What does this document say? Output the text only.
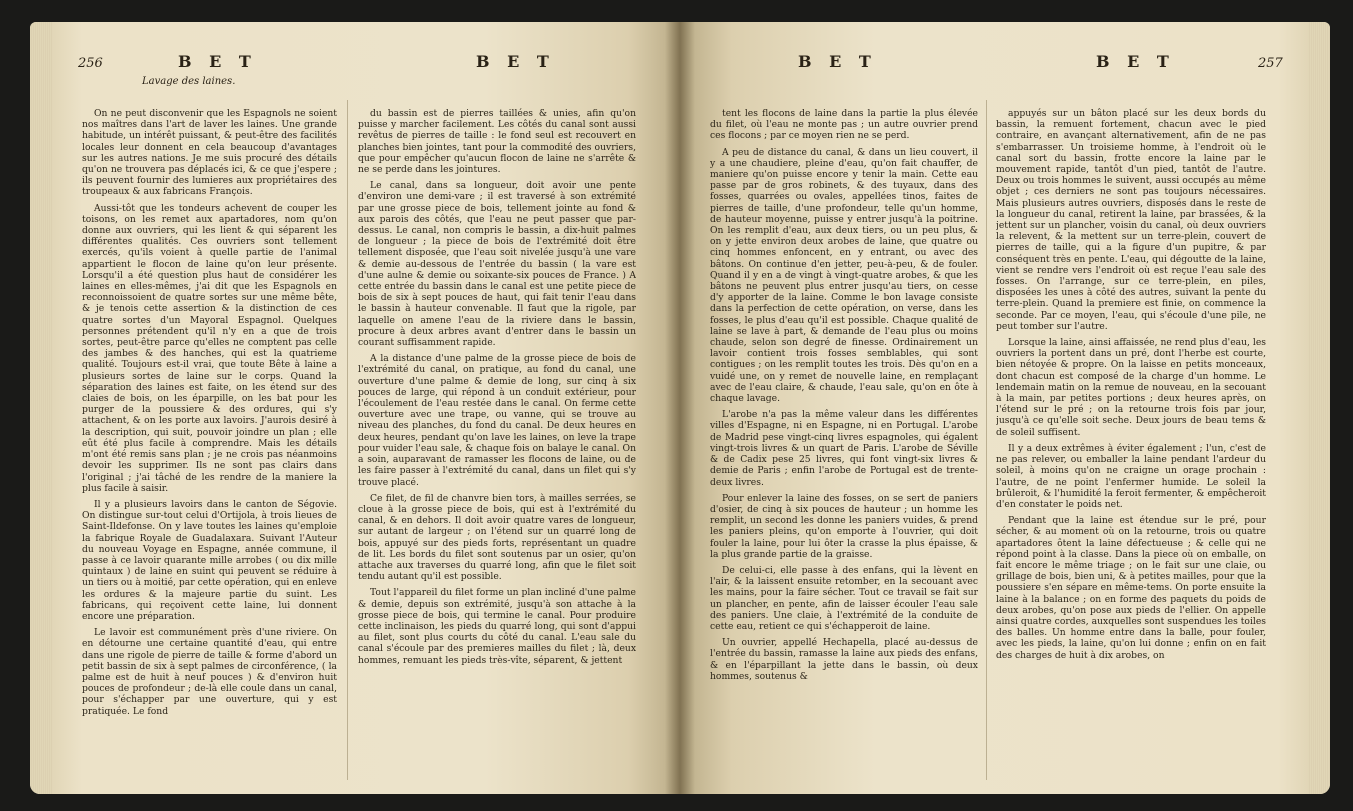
256	B E T	B E T
Lavage des laines.

On ne peut disconvenir que les Espagnols ne soient nos maîtres dans l'art de laver les laines. Une grande habitude, un intérêt puissant, & peut-être des facilités locales leur donnent en cela beaucoup d'avantages sur les autres nations. Je me suis procuré des détails qu'on ne trouvera pas déplacés ici, & ce que j'espere ; ils peuvent fournir des lumieres aux propriétaires des troupeaux & aux fabricans François.

Aussi-tôt que les tondeurs achevent de couper les toisons, on les remet aux apartadores, nom qu'on donne aux ouvriers, qui les lient & qui séparent les différentes qualités. Ces ouvriers sont tellement exercés, qu'ils voient à quelle partie de l'animal appartient le flocon de laine qu'on leur présente. Lorsqu'il a été question plus haut de considérer les laines en elles-mêmes, j'ai dit que les Espagnols en reconnoissoient de quatre sortes sur une même bête, & je tenois cette assertion & la distinction de ces quatre sortes d'un Mayoral Espagnol. Quelques personnes prétendent qu'il n'y en a que de trois sortes, peut-être parce qu'elles ne comptent pas celle des jambes & des hanches, qui est la quatrieme qualité. Toujours est-il vrai, que toute Bête à laine a plusieurs sortes de laine sur le corps. Quand la séparation des laines est faite, on les étend sur des claies de bois, on les éparpille, on les bat pour les purger de la poussiere & des ordures, qui s'y attachent, & on les porte aux lavoirs. J'aurois desiré à la description, qui suit, pouvoir joindre un plan ; elle eût été plus facile à comprendre. Mais les détails m'ont été remis sans plan ; je ne crois pas néanmoins devoir les supprimer. Ils ne sont pas clairs dans l'original ; j'ai tâché de les rendre de la maniere la plus facile à saisir.

Il y a plusieurs lavoirs dans le canton de Ségovie. On distingue sur-tout celui d'Ortijola, à trois lieues de Saint-Ildefonse. On y lave toutes les laines qu'emploie la fabrique Royale de Guadalaxara. Suivant l'Auteur du nouveau Voyage en Espagne, année commune, il passe à ce lavoir quarante mille arrobes ( ou dix mille quintaux ) de laine en suint qui peuvent se réduire à un tiers ou à moitié, par cette opération, qui en enleve les ordures & la majeure partie du suint. Les fabricans, qui reçoivent cette laine, lui donnent encore une préparation.

Le lavoir est communément près d'une riviere. On en détourne une certaine quantité d'eau, qui entre dans une rigole de pierre de taille & forme d'abord un petit bassin de six à sept palmes de circonférence, ( la palme est de huit à neuf pouces ) & d'environ huit pouces de profondeur ; de-là elle coule dans un canal, pour s'échapper par une ouverture, qui y est pratiquée. Le fond

du bassin est de pierres taillées & unies, afin qu'on puisse y marcher facilement. Les côtés du canal sont aussi revêtus de pierres de taille : le fond seul est recouvert en planches bien jointes, tant pour la commodité des ouvriers, que pour empêcher qu'aucun flocon de laine ne s'arrête & ne se perde dans les jointures.

Le canal, dans sa longueur, doit avoir une pente d'environ une demi-vare ; il est traversé à son extrémité par une grosse piece de bois, tellement jointe au fond & aux parois des côtés, que l'eau ne peut passer que par-dessus. Le canal, non compris le bassin, a dix-huit palmes de longueur ; la piece de bois de l'extrémité doit être tellement disposée, que l'eau soit nivelée jusqu'à une vare & demie au-dessous de l'entrée du bassin ( la vare est d'une aulne & demie ou soixante-six pouces de France. ) A cette entrée du bassin dans le canal est une petite piece de bois de six à sept pouces de haut, qui fait tenir l'eau dans le bassin à hauteur convenable. Il faut que la rigole, par laquelle on amene l'eau de la riviere dans le bassin, procure à deux arbres avant d'entrer dans le bassin un courant suffisamment rapide.

A la distance d'une palme de la grosse piece de bois de l'extrémité du canal, on pratique, au fond du canal, une ouverture d'une palme & demie de long, sur cinq à six pouces de large, qui répond à un conduit extérieur, pour l'écoulement de l'eau restée dans le canal. On ferme cette ouverture avec une trape, ou vanne, qui se trouve au niveau des planches, du fond du canal. De deux heures en deux heures, pendant qu'on lave les laines, on leve la trape pour vuider l'eau sale, & chaque fois on balaye le canal. On a soin, auparavant de ramasser les flocons de laine, ou de les faire passer à l'extrémité du canal, dans un filet qui s'y trouve placé.

Ce filet, de fil de chanvre bien tors, à mailles serrées, se cloue à la grosse piece de bois, qui est à l'extrémité du canal, & en dehors. Il doit avoir quatre vares de longueur, sur autant de largeur ; on l'étend sur un quarré long de bois, appuyé sur des pieds forts, représentant un quadre de lit. Les bords du filet sont soutenus par un osier, qu'on attache aux traverses du quarré long, afin que le filet soit tendu autant qu'il est possible.

Tout l'appareil du filet forme un plan incliné d'une palme & demie, depuis son extrémité, jusqu'à son attache à la grosse piece de bois, qui termine le canal. Pour produire cette inclinaison, les pieds du quarré long, qui sont d'appui au filet, sont plus courts du côté du canal. L'eau sale du canal s'écoule par des premieres mailles du filet ; là, deux hommes, remuant les pieds très-vîte, séparent, & jettent

B E T	B E T	257

tent les flocons de laine dans la partie la plus élevée du filet, où l'eau ne monte pas ; un autre ouvrier prend ces flocons ; par ce moyen rien ne se perd.

A peu de distance du canal, & dans un lieu couvert, il y a une chaudiere, pleine d'eau, qu'on fait chauffer, de maniere qu'on puisse encore y tenir la main. Cette eau passe par de gros robinets, & des tuyaux, dans des fosses, quarrées ou ovales, appellées tinos, faites de pierres de taille, d'une profondeur, telle qu'un homme, de hauteur moyenne, puisse y entrer jusqu'à la poitrine. On les remplit d'eau, aux deux tiers, ou un peu plus, & on y jette environ deux arobes de laine, que quatre ou cinq hommes enfoncent, en y entrant, ou avec des bâtons. On continue d'en jetter, peu-à-peu, & de fouler. Quand il y en a de vingt à vingt-quatre arobes, & que les bâtons ne peuvent plus entrer jusqu'au tiers, on cesse d'y apporter de la laine. Comme le bon lavage consiste dans la perfection de cette opération, on verse, dans les fosses, le plus d'eau qu'il est possible. Chaque qualité de laine se lave à part, & demande de l'eau plus ou moins chaude, selon son degré de finesse. Ordinairement un lavoir contient trois fosses semblables, qui sont contigues ; on les remplit toutes les trois. Dès qu'on en a vuidé une, on y remet de nouvelle laine, en remplaçant avec de l'eau claire, & chaude, l'eau sale, qu'on en ôte à chaque lavage.

L'arobe n'a pas la même valeur dans les différentes villes d'Espagne, ni en Espagne, ni en Portugal. L'arobe de Madrid pese vingt-cinq livres espagnoles, qui égalent vingt-trois livres & un quart de Paris. L'arobe de Séville & de Cadix pese 25 livres, qui font vingt-six livres & demie de Paris ; enfin l'arobe de Portugal est de trente-deux livres.

Pour enlever la laine des fosses, on se sert de paniers d'osier, de cinq à six pouces de hauteur ; un homme les remplit, un second les donne les paniers vuides, & prend les paniers pleins, qu'on emporte à l'ouvrier, qui doit fouler la laine, pour lui ôter la crasse la plus épaisse, & la plus grande partie de la graisse.

De celui-ci, elle passe à des enfans, qui la lèvent en l'air, & la laissent ensuite retomber, en la secouant avec les mains, pour la faire sécher. Tout ce travail se fait sur un plancher, en pente, afin de laisser écouler l'eau sale des paniers. Une claie, à l'extrémité de la conduite de cette eau, retient ce qui s'échapperoit de laine.

Un ouvrier, appellé Hechapella, placé au-dessus de l'entrée du bassin, ramasse la laine aux pieds des enfans, & en l'éparpillant la jette dans le bassin, où deux hommes, soutenus &

appuyés sur un bâton placé sur les deux bords du bassin, la remuent fortement, chacun avec le pied contraire, en avançant alternativement, afin de ne pas s'embarrasser. Un troisieme homme, à l'endroit où le canal sort du bassin, frotte encore la laine par le mouvement rapide, tantôt d'un pied, tantôt de l'autre. Deux ou trois hommes le suivent, aussi occupés au même objet ; ces derniers ne sont pas toujours nécessaires. Mais plusieurs autres ouvriers, disposés dans le reste de la longueur du canal, retirent la laine, par brassées, & la jettent sur un plancher, voisin du canal, où deux ouvriers la relevent, & la mettent sur un terre-plein, couvert de pierres de taille, qui a la figure d'un pupitre, & par conséquent très en pente. L'eau, qui dégoutte de la laine, vient se rendre vers l'endroit où est reçue l'eau sale des fosses. On l'arrange, sur ce terre-plein, en piles, disposées les unes à côté des autres, suivant la pente du terre-plein. Quand la premiere est finie, on commence la seconde. Par ce moyen, l'eau, qui s'écoule d'une pile, ne peut tomber sur l'autre.

Lorsque la laine, ainsi affaissée, ne rend plus d'eau, les ouvriers la portent dans un pré, dont l'herbe est courte, bien nétoyée & propre. On la laisse en petits monceaux, dont chacun est composé de la charge d'un homme. Le lendemain matin on la remue de nouveau, en la secouant à la main, par petites portions ; deux heures après, on l'étend sur le pré ; on la retourne trois fois par jour, jusqu'à ce qu'elle soit seche. Deux jours de beau tems & de soleil suffisent.

Il y a deux extrêmes à éviter également ; l'un, c'est de ne pas relever, ou emballer la laine pendant l'ardeur du soleil, à moins qu'on ne craigne un orage prochain : l'autre, de ne point l'enfermer humide. Le soleil la brûleroit, & l'humidité la feroit fermenter, & empêcheroit d'en constater le poids net.

Pendant que la laine est étendue sur le pré, pour sécher, & au moment où on la retourne, trois ou quatre apartadores ôtent la laine défectueuse ; & celle qui ne répond point à la classe. Dans la piece où on emballe, on fait encore le même triage ; on le fait sur une claie, ou grillage de bois, bien uni, & à petites mailles, pour que la poussiere s'en sépare en même-tems. On porte ensuite la laine à la balance ; on en forme des paquets du poids de deux arobes, qu'on pose aux pieds de l'ellier. On appelle ainsi quatre cordes, auxquelles sont suspendues les toiles des balles. Un homme entre dans la balle, pour fouler, avec les pieds, la laine, qu'on lui donne ; enfin on en fait des charges de huit à dix arobes, on
